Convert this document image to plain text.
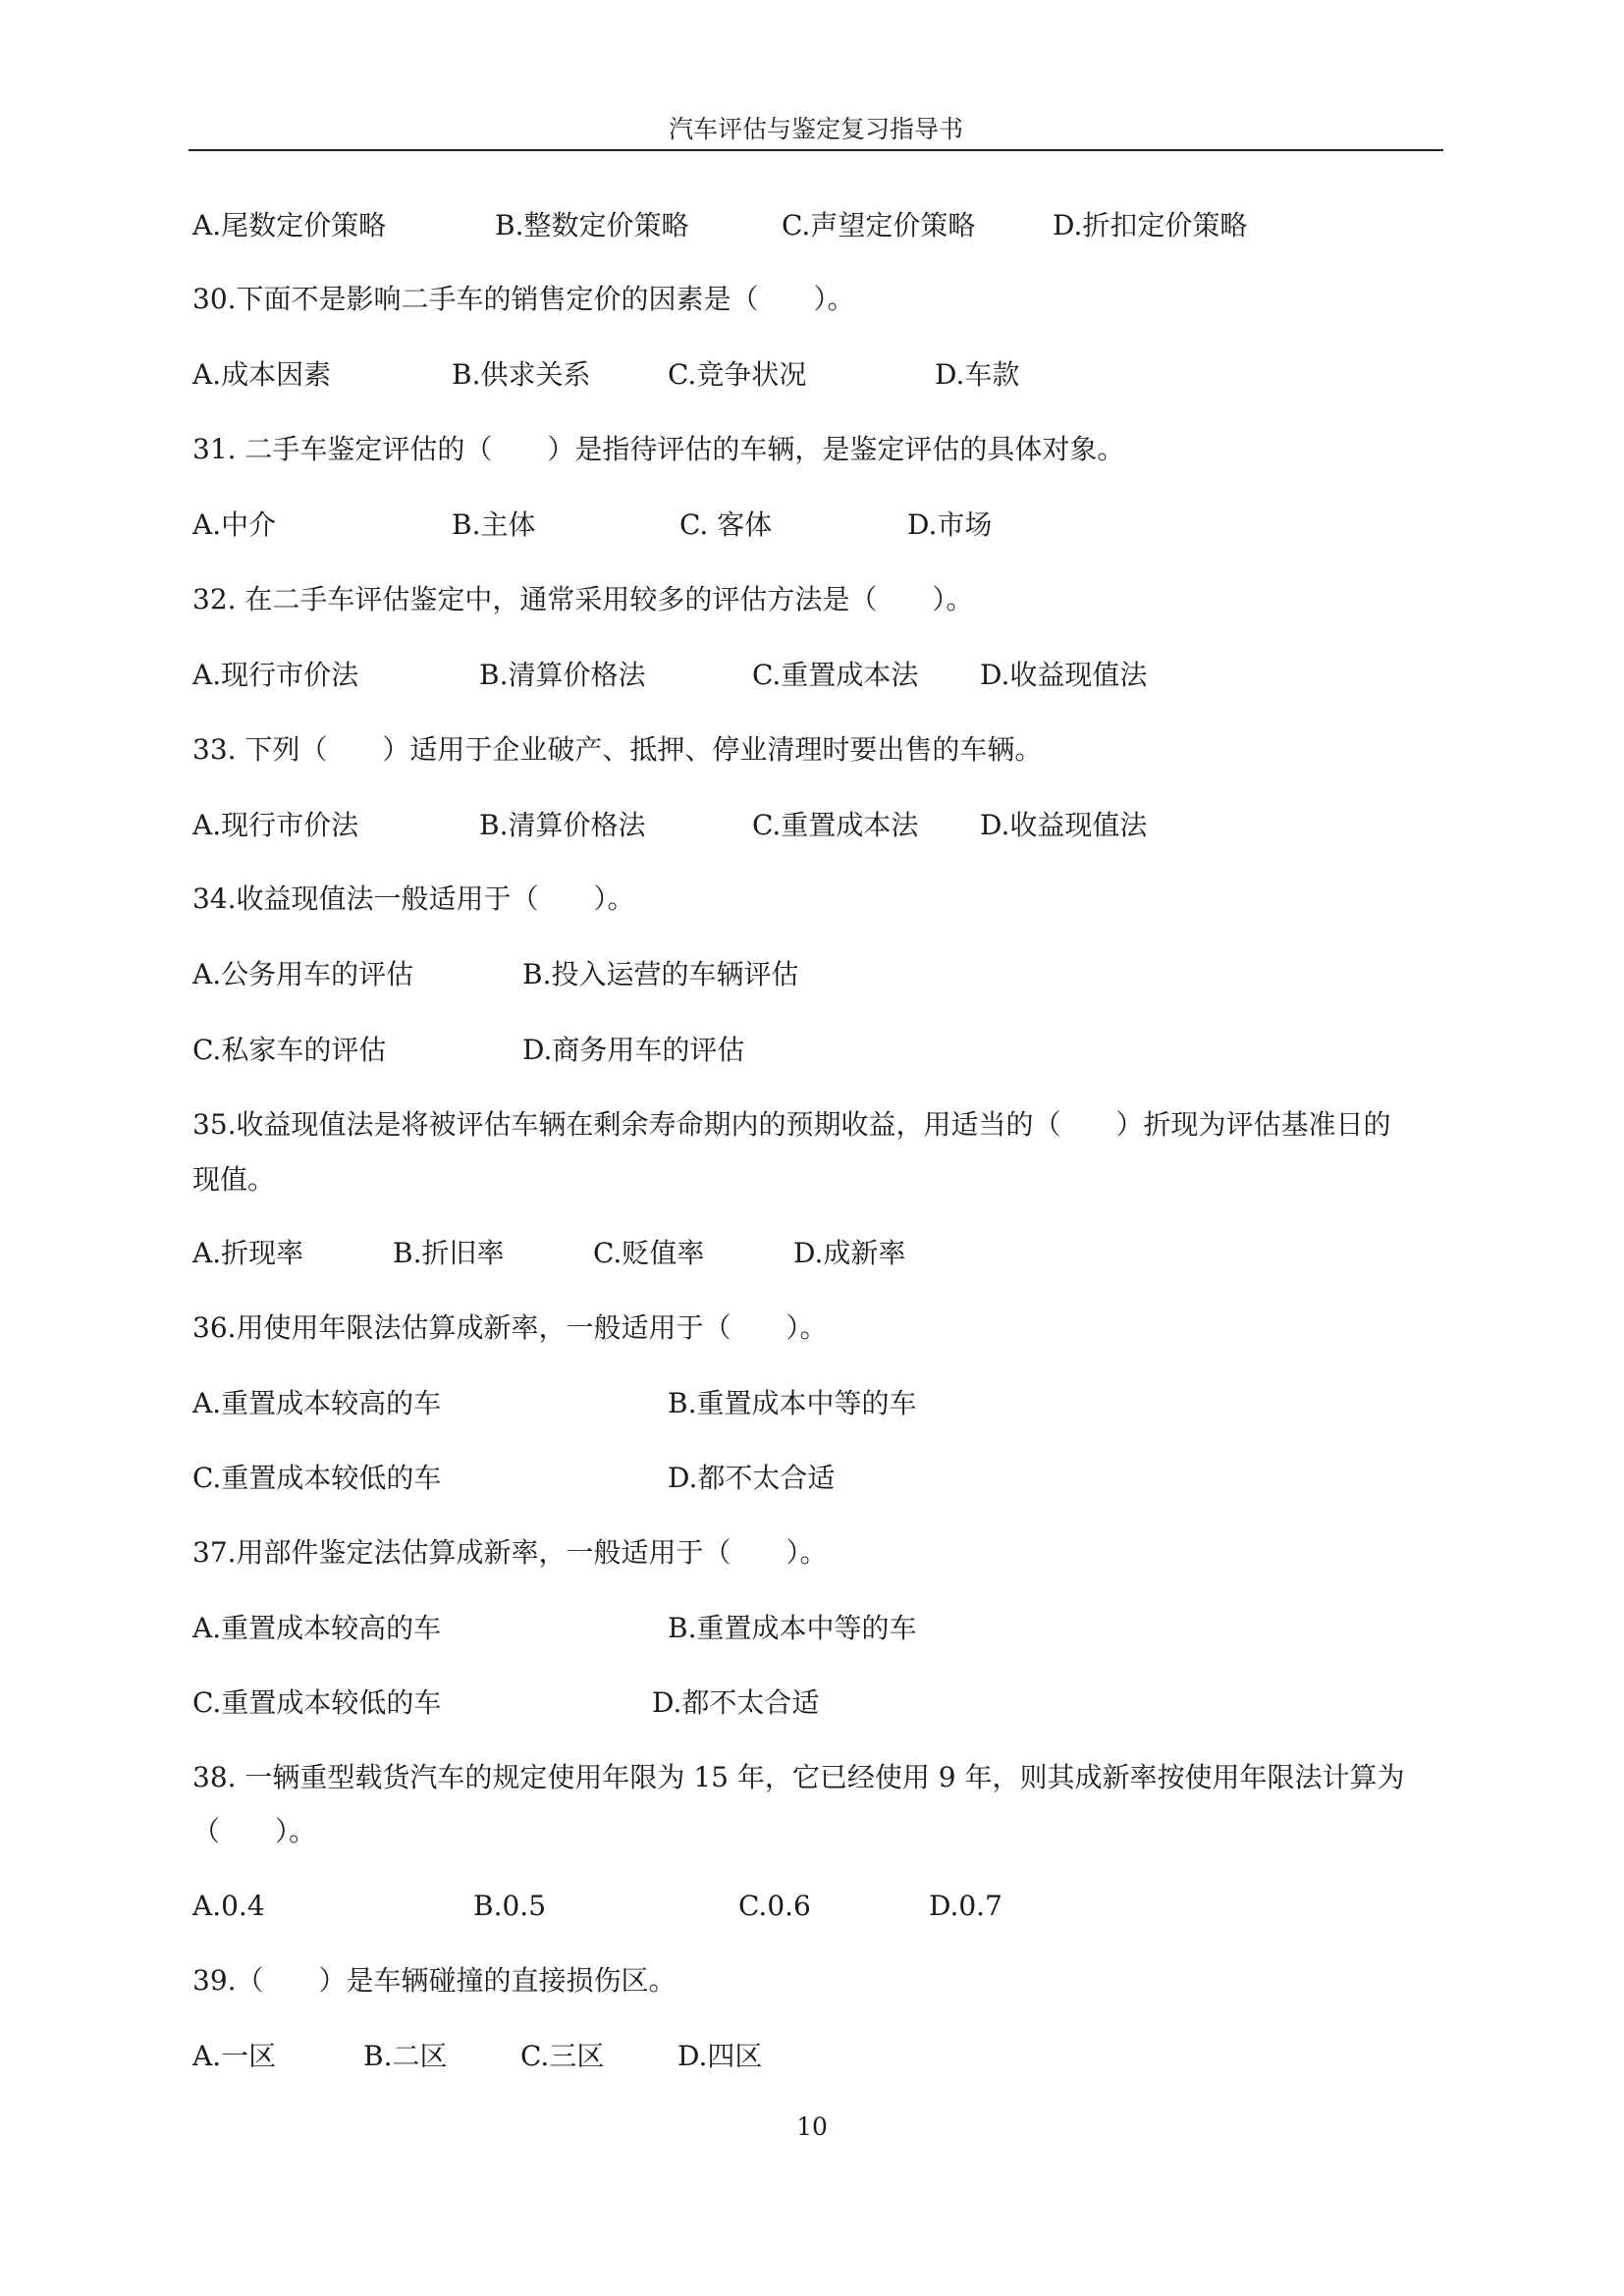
汽车评估与鉴定复习指导书
A.尾数定价策略	B.整数定价策略	C.声望定价策略	D.折扣定价策略
30.下面不是影响二手车的销售定价的因素是（　　）。
A.成本因素	B.供求关系	C.竞争状况	D.车款
31. 二手车鉴定评估的（　　）是指待评估的车辆，是鉴定评估的具体对象。
A.中介	B.主体	C. 客体	D.市场
32. 在二手车评估鉴定中，通常采用较多的评估方法是（　　）。
A.现行市价法	B.清算价格法	C.重置成本法 D.收益现值法
33. 下列（　　）适用于企业破产、抵押、停业清理时要出售的车辆。
A.现行市价法	B.清算价格法	C.重置成本法 D.收益现值法
34.收益现值法一般适用于（　　）。
A.公务用车的评估	B.投入运营的车辆评估
C.私家车的评估	D.商务用车的评估
35.收益现值法是将被评估车辆在剩余寿命期内的预期收益，用适当的（　　）折现为评估基准日的
现值。
A.折现率	B.折旧率	C.贬值率	D.成新率
36.用使用年限法估算成新率，一般适用于（　　）。
A.重置成本较高的车	B.重置成本中等的车
C.重置成本较低的车	D.都不太合适
37.用部件鉴定法估算成新率，一般适用于（　　）。
A.重置成本较高的车	B.重置成本中等的车
C.重置成本较低的车	D.都不太合适
38. 一辆重型载货汽车的规定使用年限为 15 年，它已经使用 9 年，则其成新率按使用年限法计算为
（　　）。
A.0.4	B.0.5	C.0.6	D.0.7
39.（　　）是车辆碰撞的直接损伤区。
A.一区	B.二区	C.三区	D.四区
10
